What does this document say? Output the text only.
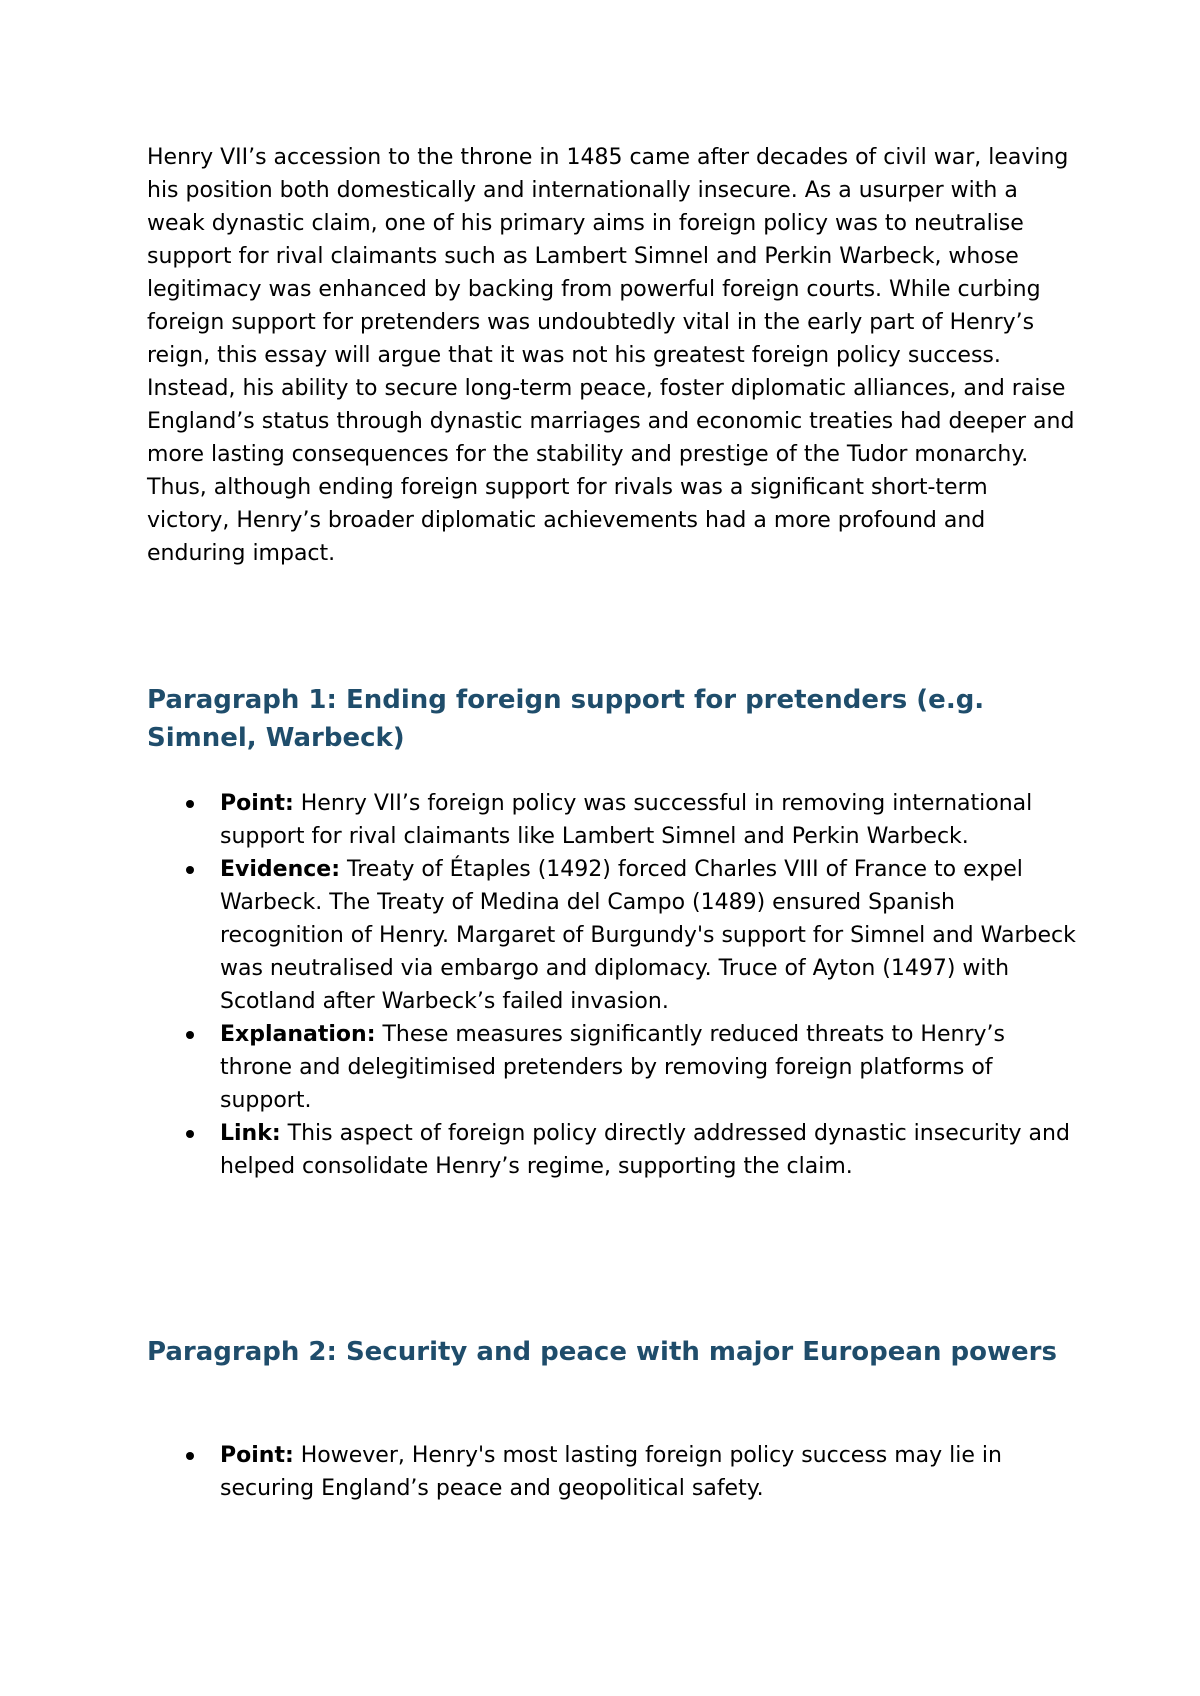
Henry VII’s accession to the throne in 1485 came after decades of civil war, leaving his position both domestically and internationally insecure. As a usurper with a weak dynastic claim, one of his primary aims in foreign policy was to neutralise support for rival claimants such as Lambert Simnel and Perkin Warbeck, whose legitimacy was enhanced by backing from powerful foreign courts. While curbing foreign support for pretenders was undoubtedly vital in the early part of Henry’s reign, this essay will argue that it was not his greatest foreign policy success. Instead, his ability to secure long-term peace, foster diplomatic alliances, and raise England’s status through dynastic marriages and economic treaties had deeper and more lasting consequences for the stability and prestige of the Tudor monarchy. Thus, although ending foreign support for rivals was a significant short-term victory, Henry’s broader diplomatic achievements had a more profound and enduring impact.

Paragraph 1: Ending foreign support for pretenders (e.g. Simnel, Warbeck)
Point: Henry VII’s foreign policy was successful in removing international support for rival claimants like Lambert Simnel and Perkin Warbeck.
Evidence: Treaty of Étaples (1492) forced Charles VIII of France to expel Warbeck. The Treaty of Medina del Campo (1489) ensured Spanish recognition of Henry. Margaret of Burgundy's support for Simnel and Warbeck was neutralised via embargo and diplomacy. Truce of Ayton (1497) with Scotland after Warbeck’s failed invasion.
Explanation: These measures significantly reduced threats to Henry’s throne and delegitimised pretenders by removing foreign platforms of support.
Link: This aspect of foreign policy directly addressed dynastic insecurity and helped consolidate Henry’s regime, supporting the claim.
Paragraph 2: Security and peace with major European powers
Point: However, Henry's most lasting foreign policy success may lie in securing England’s peace and geopolitical safety.
